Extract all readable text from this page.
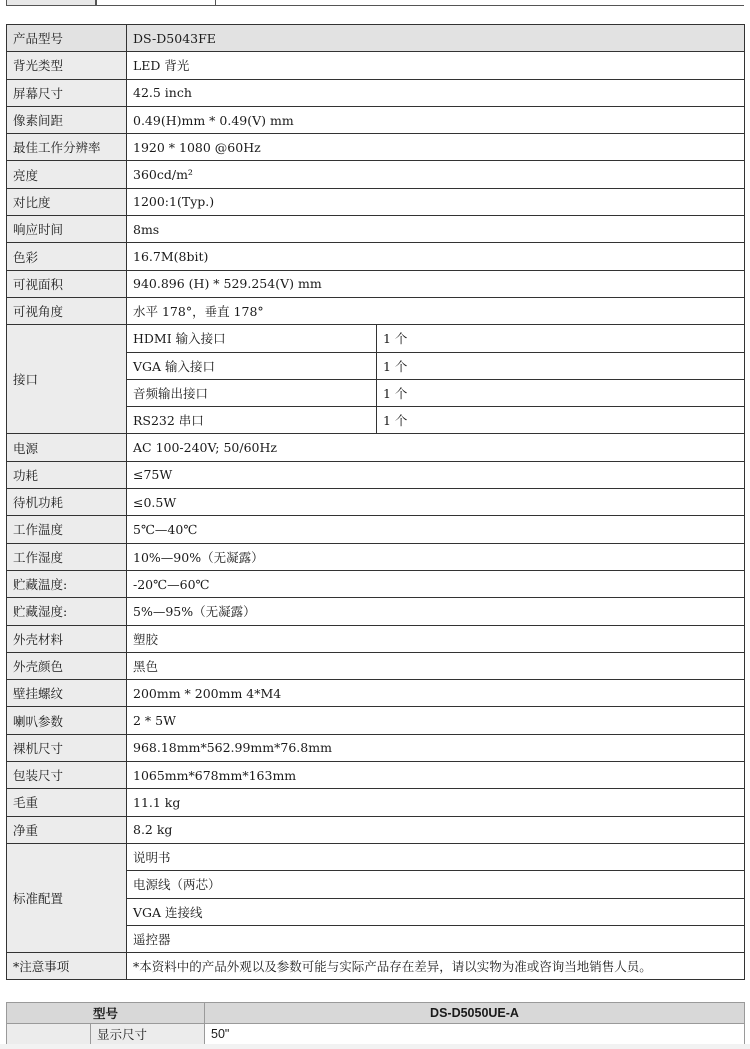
产品型号	DS-D5043FE	
背光类型	LED 背光	
屏幕尺寸	42.5 inch	
像素间距	0.49(H)mm * 0.49(V) mm	
最佳工作分辨率	1920 * 1080 @60Hz	
亮度	360cd/m²	
对比度	1200:1(Typ.)	
响应时间	8ms	
色彩	16.7M(8bit)	
可视面积	940.896 (H) * 529.254(V) mm	
可视角度	水平 178°，垂直 178°	
接口	HDMI 输入接口	1 个
	VGA 输入接口	1 个
	音频输出接口	1 个
	RS232 串口	1 个
电源	AC 100-240V; 50/60Hz	
功耗	≤75W	
待机功耗	≤0.5W	
工作温度	5℃—40℃	
工作湿度	10%—90%（无凝露）	
贮藏温度:	-20℃—60℃	
贮藏湿度:	5%—95%（无凝露）	
外壳材料	塑胶	
外壳颜色	黑色	
壁挂螺纹	200mm * 200mm 4*M4	
喇叭参数	2 * 5W	
裸机尺寸	968.18mm*562.99mm*76.8mm	
包装尺寸	1065mm*678mm*163mm	
毛重	11.1 kg	
净重	8.2 kg	
标准配置	说明书	
	电源线（两芯）	
	VGA 连接线	
	遥控器	
*注意事项	*本资料中的产品外观以及参数可能与实际产品存在差异，请以实物为准或咨询当地销售人员。	
型号		DS-D5050UE-A
	显示尺寸	50"
